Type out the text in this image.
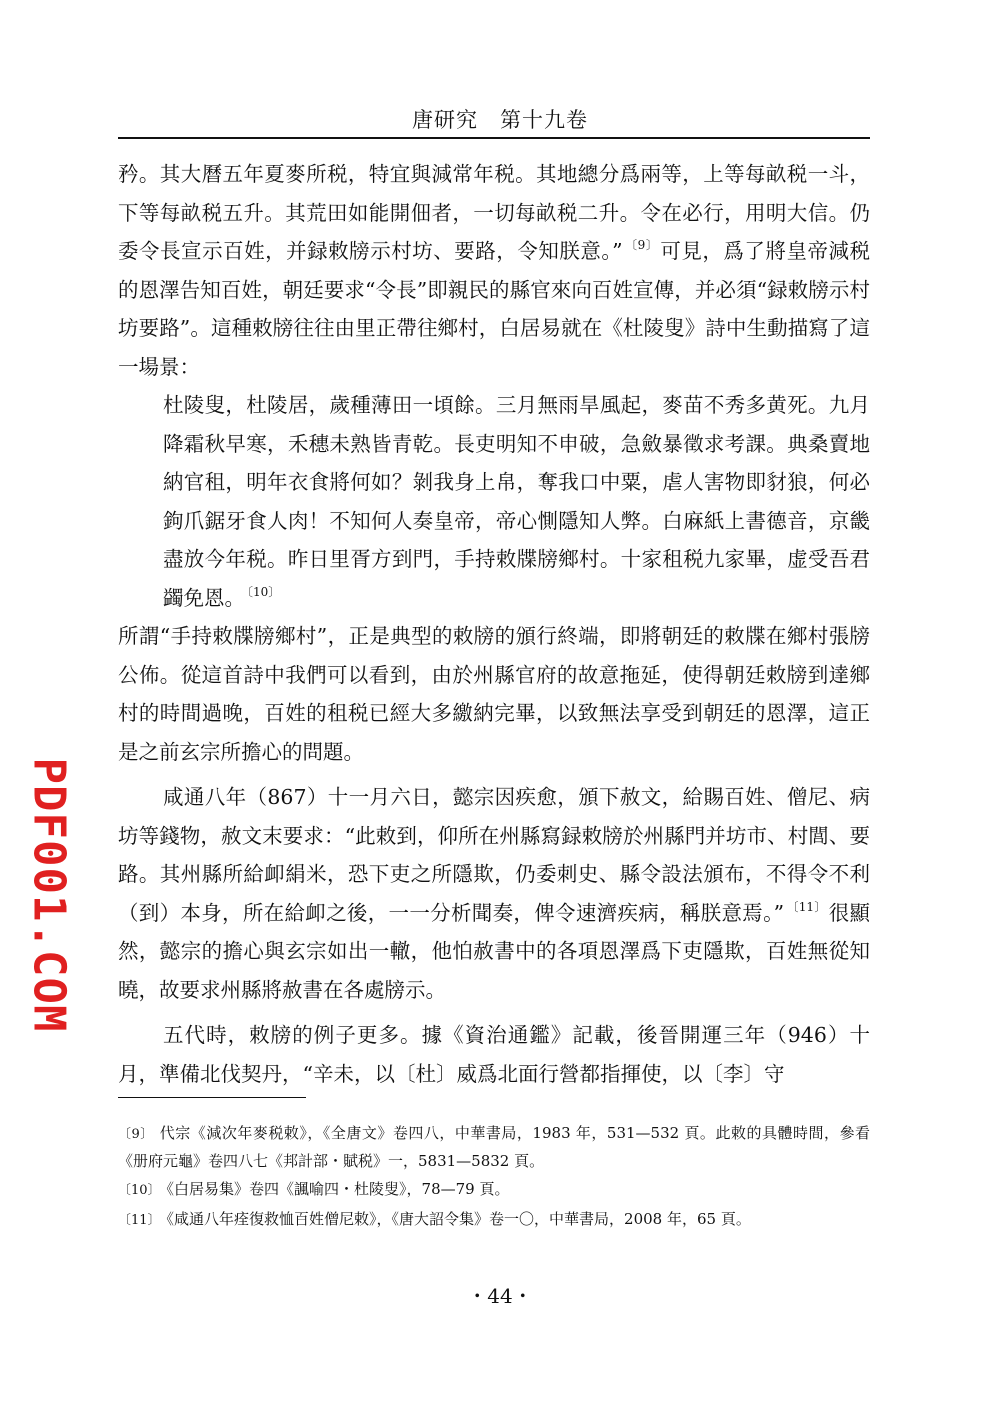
唐研究　第十九卷

矜。其大曆五年夏麥所税，特宜與減常年税。其地總分爲兩等，上等每畝税一斗，下等每畝税五升。其荒田如能開佃者，一切每畝税二升。令在必行，用明大信。仍委令長宣示百姓，并録敕牓示村坊、要路，令知朕意。” $^{〔9〕}$可見，爲了將皇帝減税的恩澤告知百姓，朝廷要求“令長”即親民的縣官來向百姓宣傳，并必須“録敕牓示村坊要路”。這種敕牓往往由里正帶往鄉村，白居易就在《杜陵叟》詩中生動描寫了這一場景：

杜陵叟，杜陵居，歲種薄田一頃餘。三月無雨旱風起，麥苗不秀多黄死。九月降霜秋早寒，禾穗未熟皆青乾。長吏明知不申破，急斂暴徵求考課。典桑賣地納官租，明年衣食將何如？剝我身上帛，奪我口中粟，虐人害物即豺狼，何必鉤爪鋸牙食人肉！不知何人奏皇帝，帝心惻隱知人弊。白麻紙上書德音，京畿盡放今年税。昨日里胥方到門，手持敕牒牓鄉村。十家租税九家畢，虚受吾君蠲免恩。 $^{〔10〕}$

所謂“手持敕牒牓鄉村”，正是典型的敕牓的頒行終端，即將朝廷的敕牒在鄉村張牓公佈。從這首詩中我們可以看到，由於州縣官府的故意拖延，使得朝廷敕牓到達鄉村的時間過晚，百姓的租税已經大多繳納完畢，以致無法享受到朝廷的恩澤，這正是之前玄宗所擔心的問題。

咸通八年（867）十一月六日，懿宗因疾愈，頒下赦文，給賜百姓、僧尼、病坊等錢物，赦文末要求：“此敕到，仰所在州縣寫録敕牓於州縣門并坊市、村閭、要路。其州縣所給卹絹米，恐下吏之所隱欺，仍委刺史、縣令設法頒布，不得令不利（到）本身，所在給卹之後，一一分析聞奏，俾令速濟疾病，稱朕意焉。” $^{〔11〕}$很顯然，懿宗的擔心與玄宗如出一轍，他怕赦書中的各項恩澤爲下吏隱欺，百姓無從知曉，故要求州縣將赦書在各處牓示。

五代時，敕牓的例子更多。據《資治通鑑》記載，後晉開運三年（946）十月，準備北伐契丹，“辛未，以〔杜〕威爲北面行營都指揮使，以〔李〕守

PDF001.COM

〔9〕 代宗《減次年麥税敕》，《全唐文》卷四八，中華書局，1983 年，531—532 頁。此敕的具體時間，參看《册府元龜》卷四八七《邦計部・賦税》一，5831—5832 頁。

〔10〕 《白居易集》卷四《諷喻四・杜陵叟》，78—79 頁。

〔11〕 《咸通八年痊復救恤百姓僧尼敕》，《唐大詔令集》卷一〇，中華書局，2008 年，65 頁。

・44・
